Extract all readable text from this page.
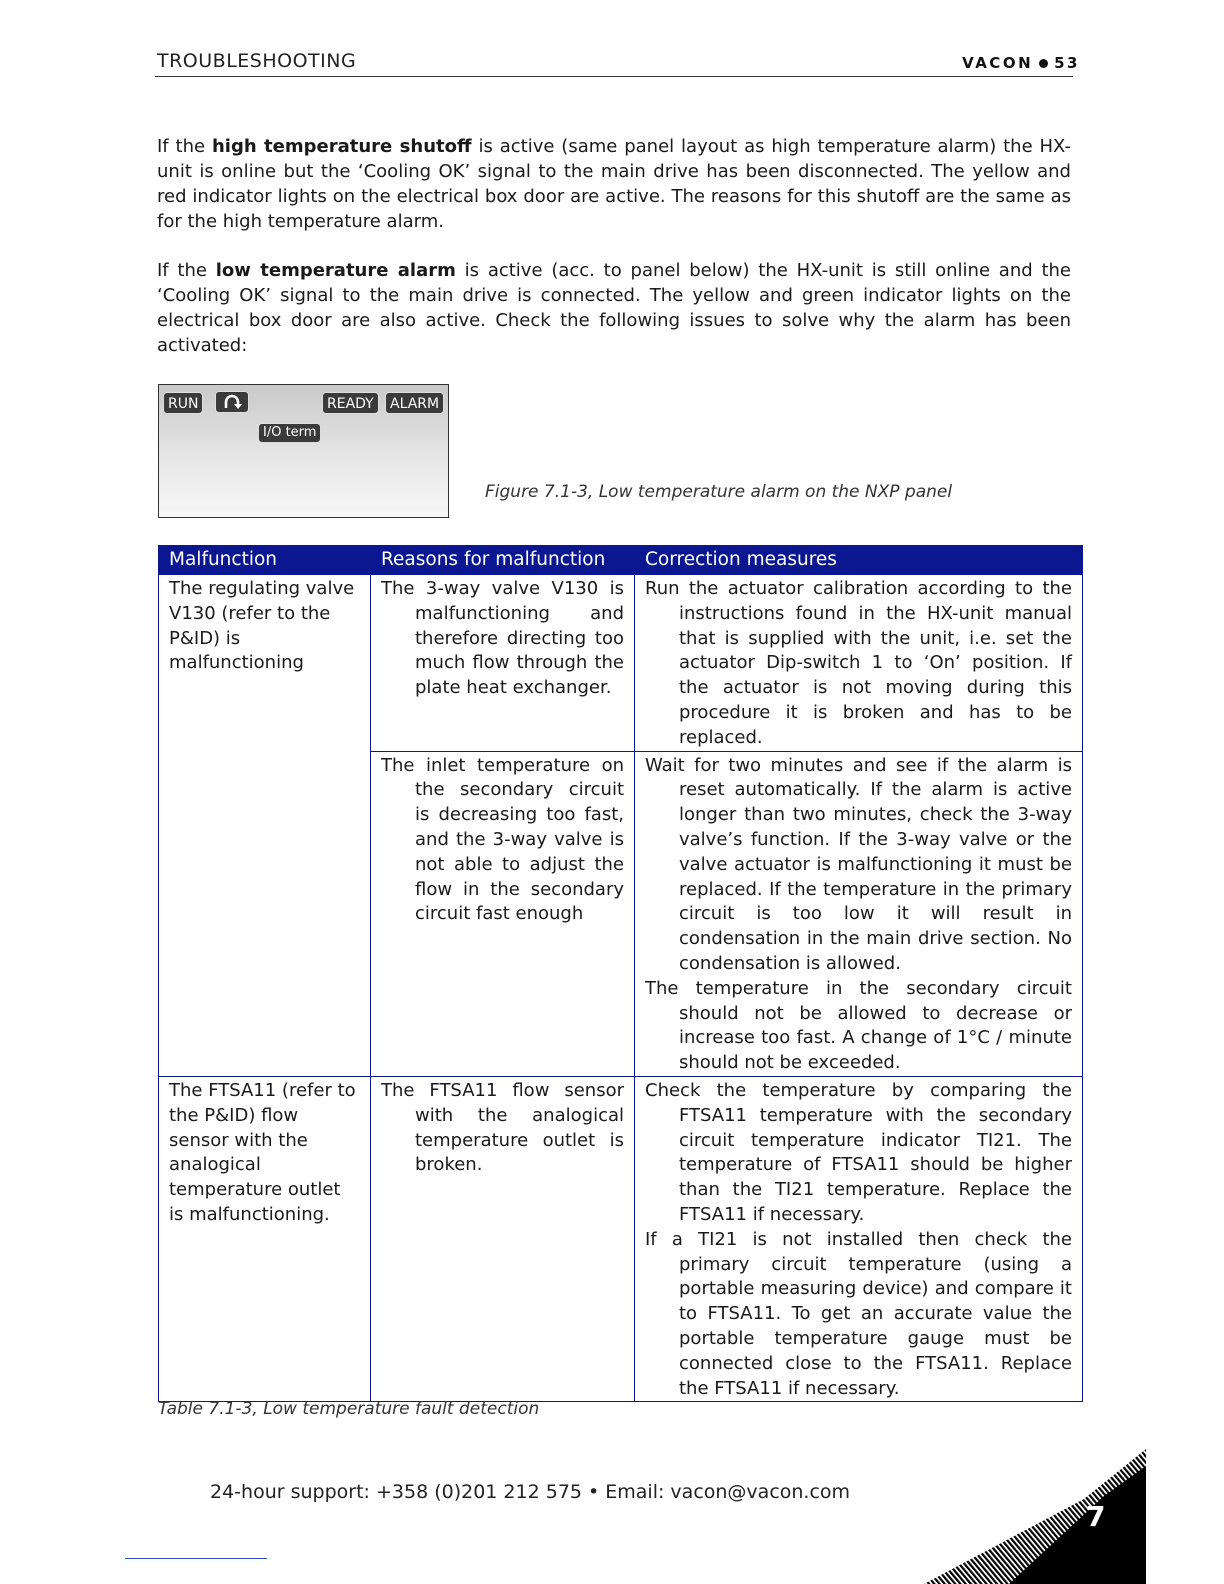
TROUBLESHOOTING	VACON 53
If the high temperature shutoff is active (same panel layout as high temperature alarm) the HX-unit is online but the ‘Cooling OK’ signal to the main drive has been disconnected. The yellow and red indicator lights on the electrical box door are active. The reasons for this shutoff are the same as for the high temperature alarm.
If the low temperature alarm is active (acc. to panel below) the HX-unit is still online and the ‘Cooling OK’ signal to the main drive is connected. The yellow and green indicator lights on the electrical box door are also active. Check the following issues to solve why the alarm has been activated:
RUN	READY	ALARM
I/O term
Figure 7.1-3, Low temperature alarm on the NXP panel
Malfunction	Reasons for malfunction	Correction measures
The regulating valve V130 (refer to the P&ID) is malfunctioning	The 3-way valve V130 is malfunctioning and therefore directing too much flow through the plate heat exchanger.	Run the actuator calibration according to the instructions found in the HX-unit manual that is supplied with the unit, i.e. set the actuator Dip-switch 1 to ‘On’ position. If the actuator is not moving during this procedure it is broken and has to be replaced.

	The inlet temperature on the secondary circuit is decreasing too fast, and the 3-way valve is not able to adjust the flow in the secondary circuit fast enough	Wait for two minutes and see if the alarm is reset automatically. If the alarm is active longer than two minutes, check the 3-way valve’s function. If the 3-way valve or the valve actuator is malfunctioning it must be replaced. If the temperature in the primary circuit is too low it will result in condensation in the main drive section. No condensation is allowed.
The temperature in the secondary circuit should not be allowed to decrease or increase too fast. A change of 1°C / minute should not be exceeded.

The FTSA11 (refer to the P&ID) flow sensor with the analogical temperature outlet is malfunctioning.	The FTSA11 flow sensor with the analogical temperature outlet is broken.	Check the temperature by comparing the FTSA11 temperature with the secondary circuit temperature indicator TI21. The temperature of FTSA11 should be higher than the TI21 temperature. Replace the FTSA11 if necessary.
If a TI21 is not installed then check the primary circuit temperature (using a portable measuring device) and compare it to FTSA11. To get an accurate value the portable temperature gauge must be connected close to the FTSA11. Replace the FTSA11 if necessary.
Table 7.1-3, Low temperature fault detection
24-hour support: +358 (0)201 212 575 • Email: vacon@vacon.com
7
